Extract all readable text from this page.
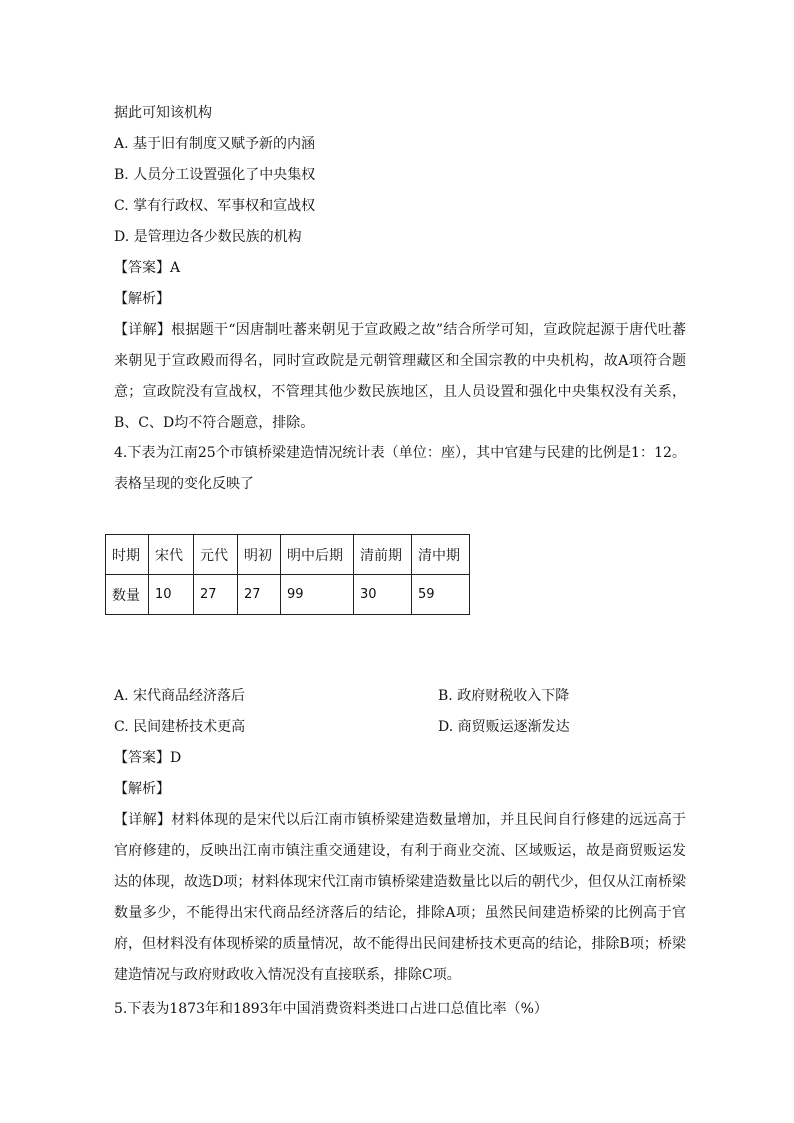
据此可知该机构
A. 基于旧有制度又赋予新的内涵
B. 人员分工设置强化了中央集权
C. 掌有行政权、军事权和宣战权
D. 是管理边各少数民族的机构
【答案】A
【解析】
【详解】根据题干“因唐制吐蕃来朝见于宣政殿之故”结合所学可知，宣政院起源于唐代吐蕃来朝见于宣政殿而得名，同时宣政院是元朝管理藏区和全国宗教的中央机构，故A项符合题意；宣政院没有宣战权，不管理其他少数民族地区，且人员设置和强化中央集权没有关系，B、C、D均不符合题意，排除。
4.下表为江南25个市镇桥梁建造情况统计表（单位：座），其中官建与民建的比例是1：12。表格呈现的变化反映了
时期	宋代	元代	明初	明中后期	清前期	清中期
数量	10	27	27	99	30	59
A. 宋代商品经济落后	B. 政府财税收入下降
C. 民间建桥技术更高	D. 商贸贩运逐渐发达
【答案】D
【解析】
【详解】材料体现的是宋代以后江南市镇桥梁建造数量增加，并且民间自行修建的远远高于官府修建的，反映出江南市镇注重交通建设，有利于商业交流、区域贩运，故是商贸贩运发达的体现，故选D项；材料体现宋代江南市镇桥梁建造数量比以后的朝代少，但仅从江南桥梁数量多少，不能得出宋代商品经济落后的结论，排除A项；虽然民间建造桥梁的比例高于官府，但材料没有体现桥梁的质量情况，故不能得出民间建桥技术更高的结论，排除B项；桥梁建造情况与政府财政收入情况没有直接联系，排除C项。
5.下表为1873年和1893年中国消费资料类进口占进口总值比率（%）
